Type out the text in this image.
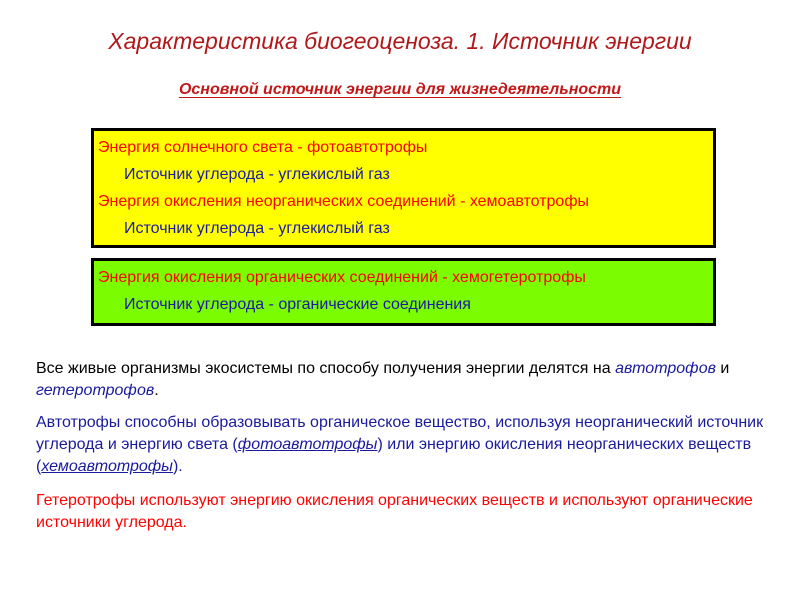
Характеристика биогеоценоза. 1. Источник энергии
Основной источник энергии для жизнедеятельности
Энергия солнечного света - фотоавтотрофы
Источник углерода - углекислый газ
Энергия окисления неорганических соединений - хемоавтотрофы
Источник углерода - углекислый газ
Энергия окисления органических соединений - хемогетеротрофы
Источник углерода - органические соединения
Все живые организмы экосистемы по способу получения энергии делятся на автотрофов и гетеротрофов.
Автотрофы способны образовывать органическое вещество, используя неорганический источник углерода и энергию света (фотоавтотрофы) или энергию окисления неорганических веществ (хемоавтотрофы).
Гетеротрофы используют энергию окисления органических веществ и используют органические источники углерода.
